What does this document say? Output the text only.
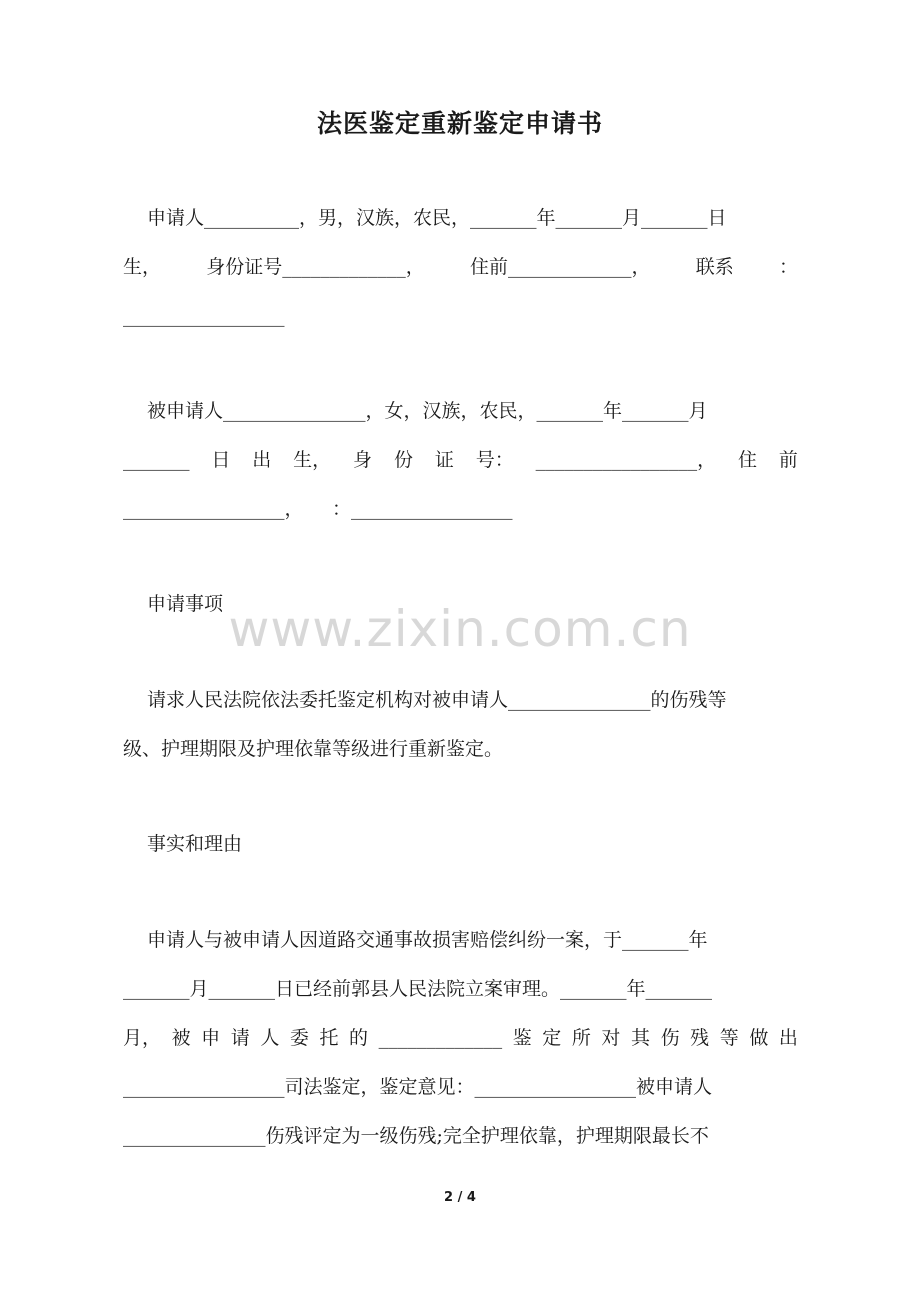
法医鉴定重新鉴定申请书
申请人__________，男，汉族，农民，_______年_______月_______日
生， 身份证号_____________， 住前_____________， 联系 ：
_________________
被申请人_______________，女，汉族，农民，_______年_______月
_______ 日 出 生， 身 份 证 号： _________________， 住 前
_________________，　　：_________________
申请事项 www.zixin.com.cn
请求人民法院依法委托鉴定机构对被申请人_______________的伤残等
级、护理期限及护理依靠等级进行重新鉴定。
事实和理由
申请人与被申请人因道路交通事故损害赔偿纠纷一案，于_______年
_______月_______日已经前郭县人民法院立案审理。_______年_______
月， 被 申 请 人 委 托 的 _____________ 鉴 定 所 对 其 伤 残 等 做 出
_________________司法鉴定，鉴定意见：_________________被申请人
_______________伤残评定为一级伤残;完全护理依靠，护理期限最长不
2 / 4
